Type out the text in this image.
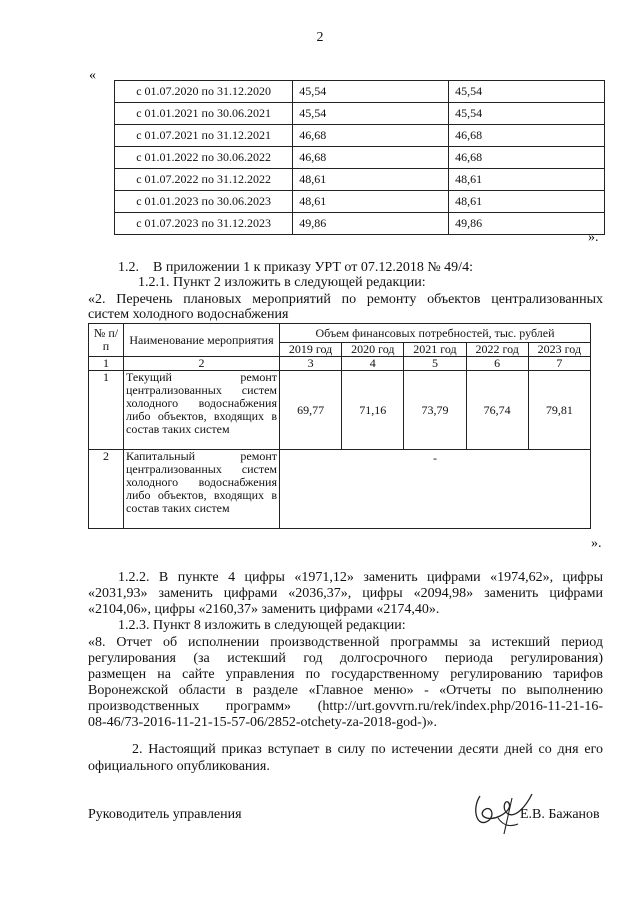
2
«
с 01.07.2020 по 31.12.2020	45,54	45,54
с 01.01.2021 по 30.06.2021	45,54	45,54
с 01.07.2021 по 31.12.2021	46,68	46,68
с 01.01.2022 по 30.06.2022	46,68	46,68
с 01.07.2022 по 31.12.2022	48,61	48,61
с 01.01.2023 по 30.06.2023	48,61	48,61
с 01.07.2023 по 31.12.2023	49,86	49,86
».
1.2.    В приложении 1 к приказу УРТ от 07.12.2018 № 49/4:
1.2.1. Пункт 2 изложить в следующей редакции:
«2. Перечень плановых мероприятий по ремонту объектов централизованных
систем холодного водоснабжения
№ п/п	Наименование мероприятия	Объем финансовых потребностей, тыс. рублей				
		2019 год	2020 год	2021 год	2022 год	2023 год
1	2	3	4	5	6	7
1	Текущий ремонт централизованных систем холодного водоснабжения либо объектов, входящих в состав таких систем	69,77	71,16	73,79	76,74	79,81
2	Капитальный ремонт централизованных систем холодного водоснабжения либо объектов, входящих в состав таких систем	-				
».
1.2.2. В пункте 4 цифры «1971,12» заменить цифрами «1974,62», цифры
«2031,93» заменить цифрами «2036,37», цифры «2094,98» заменить цифрами
«2104,06», цифры «2160,37» заменить цифрами «2174,40».
1.2.3. Пункт 8 изложить в следующей редакции:
«8. Отчет об исполнении производственной программы за истекший период
регулирования (за истекший год долгосрочного периода регулирования)
размещен на сайте управления по государственному регулированию тарифов
Воронежской области в разделе «Главное меню» - «Отчеты по выполнению
производственных программ» (http://urt.govvrn.ru/rek/index.php/2016-11-21-16-
08-46/73-2016-11-21-15-57-06/2852-otchety-za-2018-god-)».
2. Настоящий приказ вступает в силу по истечении десяти дней со дня его
официального опубликования.
Руководитель управления	Е.В. Бажанов
